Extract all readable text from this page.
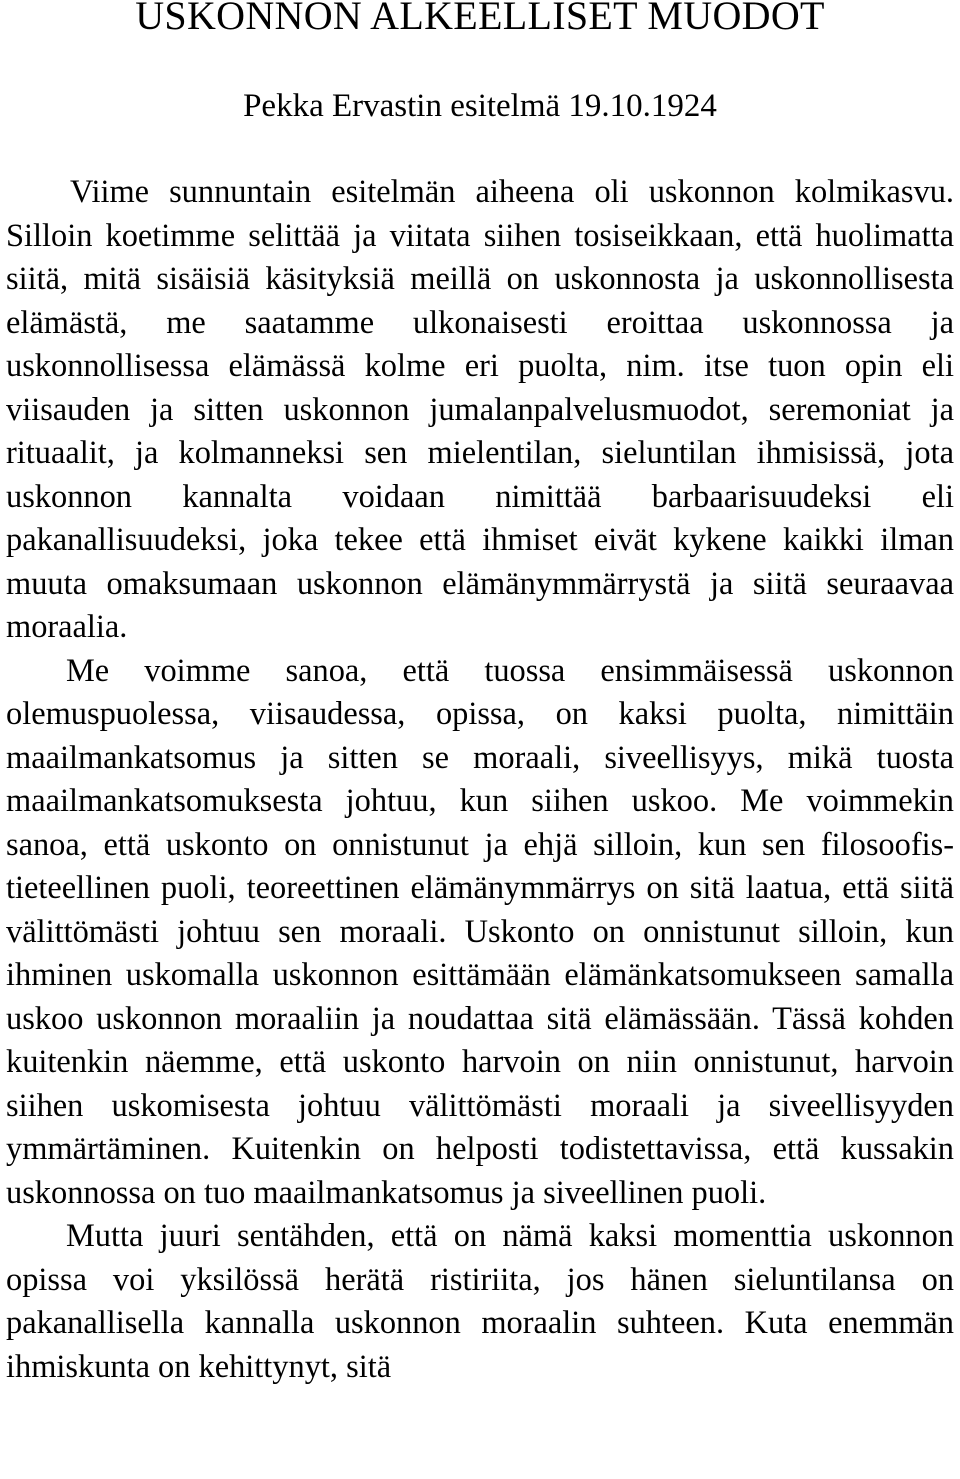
USKONNON ALKEELLISET MUODOT
Pekka Ervastin esitelmä 19.10.1924

Viime sunnuntain esitelmän aiheena oli uskonnon kolmikasvu. Silloin koetimme selittää ja viitata siihen tosiseikkaan, että huolimatta siitä, mitä sisäisiä käsityksiä meillä on uskonnosta ja uskonnollisesta elämästä, me saatamme ulkonaisesti eroittaa uskonnossa ja uskonnollisessa elämässä kolme eri puolta, nim. itse tuon opin eli viisauden ja sitten uskonnon jumalanpalvelusmuodot, seremoniat ja rituaalit, ja kolmanneksi sen mielentilan, sieluntilan ihmisissä, jota uskonnon kannalta voidaan nimittää barbaarisuudeksi eli pakanallisuudeksi, joka tekee että ihmiset eivät kykene kaikki ilman muuta omaksumaan uskonnon elämänymmärrystä ja siitä seuraavaa moraalia.

Me voimme sanoa, että tuossa ensimmäisessä uskonnon olemuspuolessa, viisaudessa, opissa, on kaksi puolta, nimittäin maailmankatsomus ja sitten se moraali, siveellisyys, mikä tuosta maailmankatsomuksesta johtuu, kun siihen uskoo. Me voimmekin sanoa, että uskonto on onnistunut ja ehjä silloin, kun sen filosoofis-tieteellinen puoli, teoreettinen elämänymmärrys on sitä laatua, että siitä välittömästi johtuu sen moraali. Uskonto on onnistunut silloin, kun ihminen uskomalla uskonnon esittämään elämänkatsomukseen samalla uskoo uskonnon moraaliin ja noudattaa sitä elämässään. Tässä kohden kuitenkin näemme, että uskonto harvoin on niin onnistunut, harvoin siihen uskomisesta johtuu välittömästi moraali ja siveellisyyden ymmärtäminen. Kuitenkin on helposti todistettavissa, että kussakin uskonnossa on tuo maailmankatsomus ja siveellinen puoli.

Mutta juuri sentähden, että on nämä kaksi momenttia uskonnon opissa voi yksilössä herätä ristiriita, jos hänen sieluntilansa on pakanallisella kannalla uskonnon moraalin suhteen. Kuta enemmän ihmiskunta on kehittynyt, sitä
